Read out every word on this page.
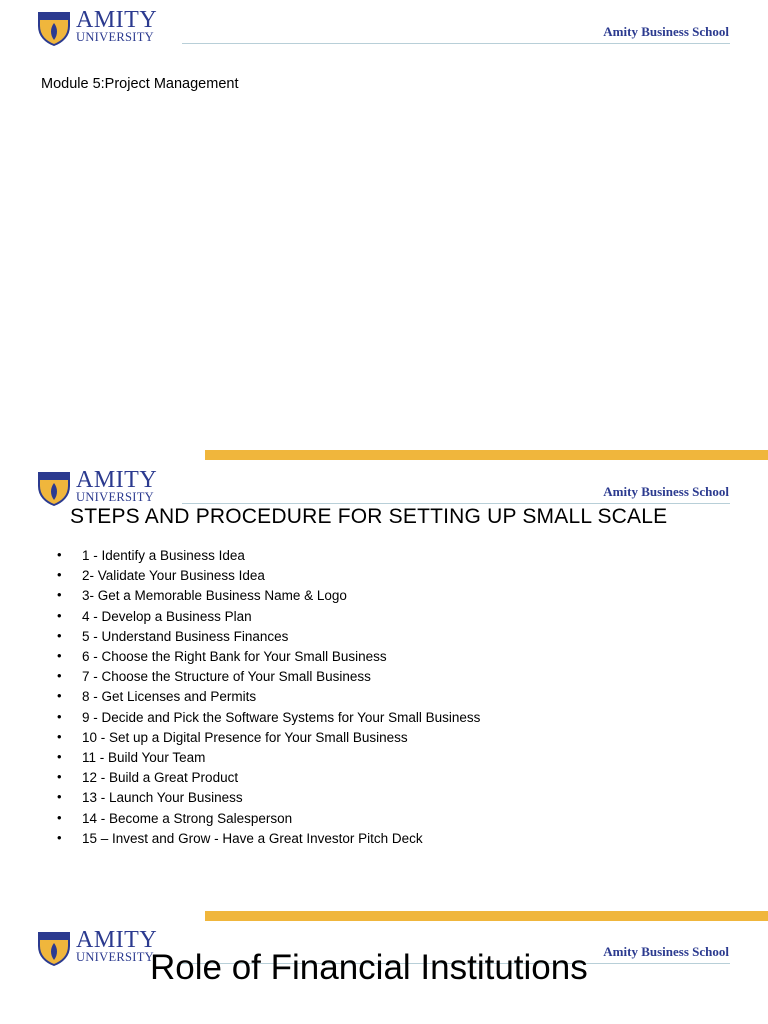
AMITY
UNIVERSITY	Amity Business School
Module 5:Project Management
AMITY
UNIVERSITY	Amity Business School
STEPS AND PROCEDURE FOR SETTING UP SMALL SCALE
• 1 - Identify a Business Idea
• 2- Validate Your Business Idea
• 3- Get a Memorable Business Name & Logo
• 4 - Develop a Business Plan
• 5 - Understand Business Finances
• 6 - Choose the Right Bank for Your Small Business
• 7 - Choose the Structure of Your Small Business
• 8 - Get Licenses and Permits
• 9 - Decide and Pick the Software Systems for Your Small Business
• 10 - Set up a Digital Presence for Your Small Business
• 11 - Build Your Team
• 12 - Build a Great Product
• 13 - Launch Your Business
• 14 - Become a Strong Salesperson
• 15 – Invest and Grow - Have a Great Investor Pitch Deck
AMITY
UNIVERSITY	Amity Business School
Role of Financial Institutions
